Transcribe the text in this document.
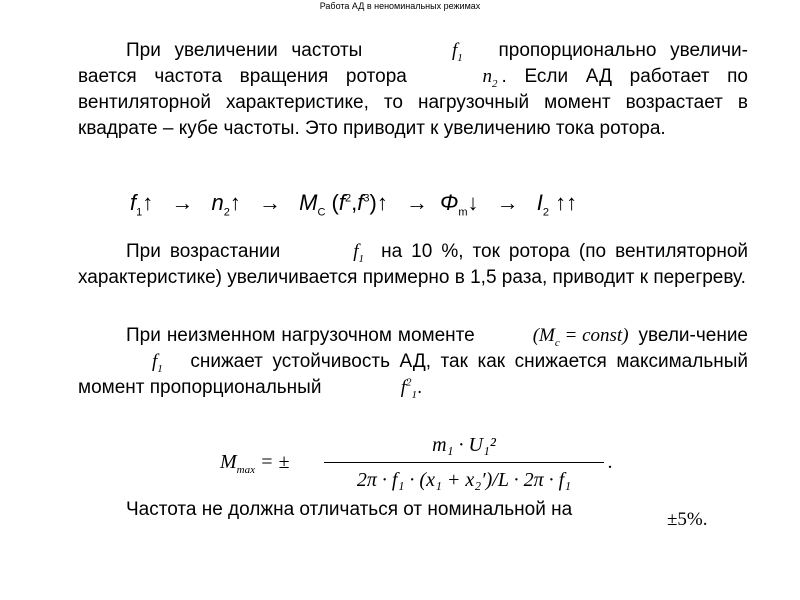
Работа АД в неноминальных режимах
При увеличении частоты	$f_1$ пропорционально увеличи-вается частота вращения ротора	$n_2$ . Если АД работает по вентиляторной характеристике, то нагрузочный момент возрастает в квадрате – кубе частоты. Это приводит к увеличению тока ротора.
$f_1↑$ → $n_2↑ \to M_C$ $(f^2,f^3)↑$ → $\Phi_m↓ \to I_2$ ↑↑
При возрастании	$f_1$ на 10 %, ток ротора (по вентиляторной характеристике) увеличивается примерно в 1,5 раза, приводит к перегреву.
При неизменном нагрузочном моменте	($M_c$ = const) увели-чение $f_1$ снижает устойчивость АД, так как снижается максимальный момент пропорциональный	$f^2_1$.
$M_{max}$ = ±
m₁ · U₁²
2π · f₁ · (x₁ + x₂′)/L · 2π · f₁
.
Частота не должна отличаться от номинальной на	±5%.
